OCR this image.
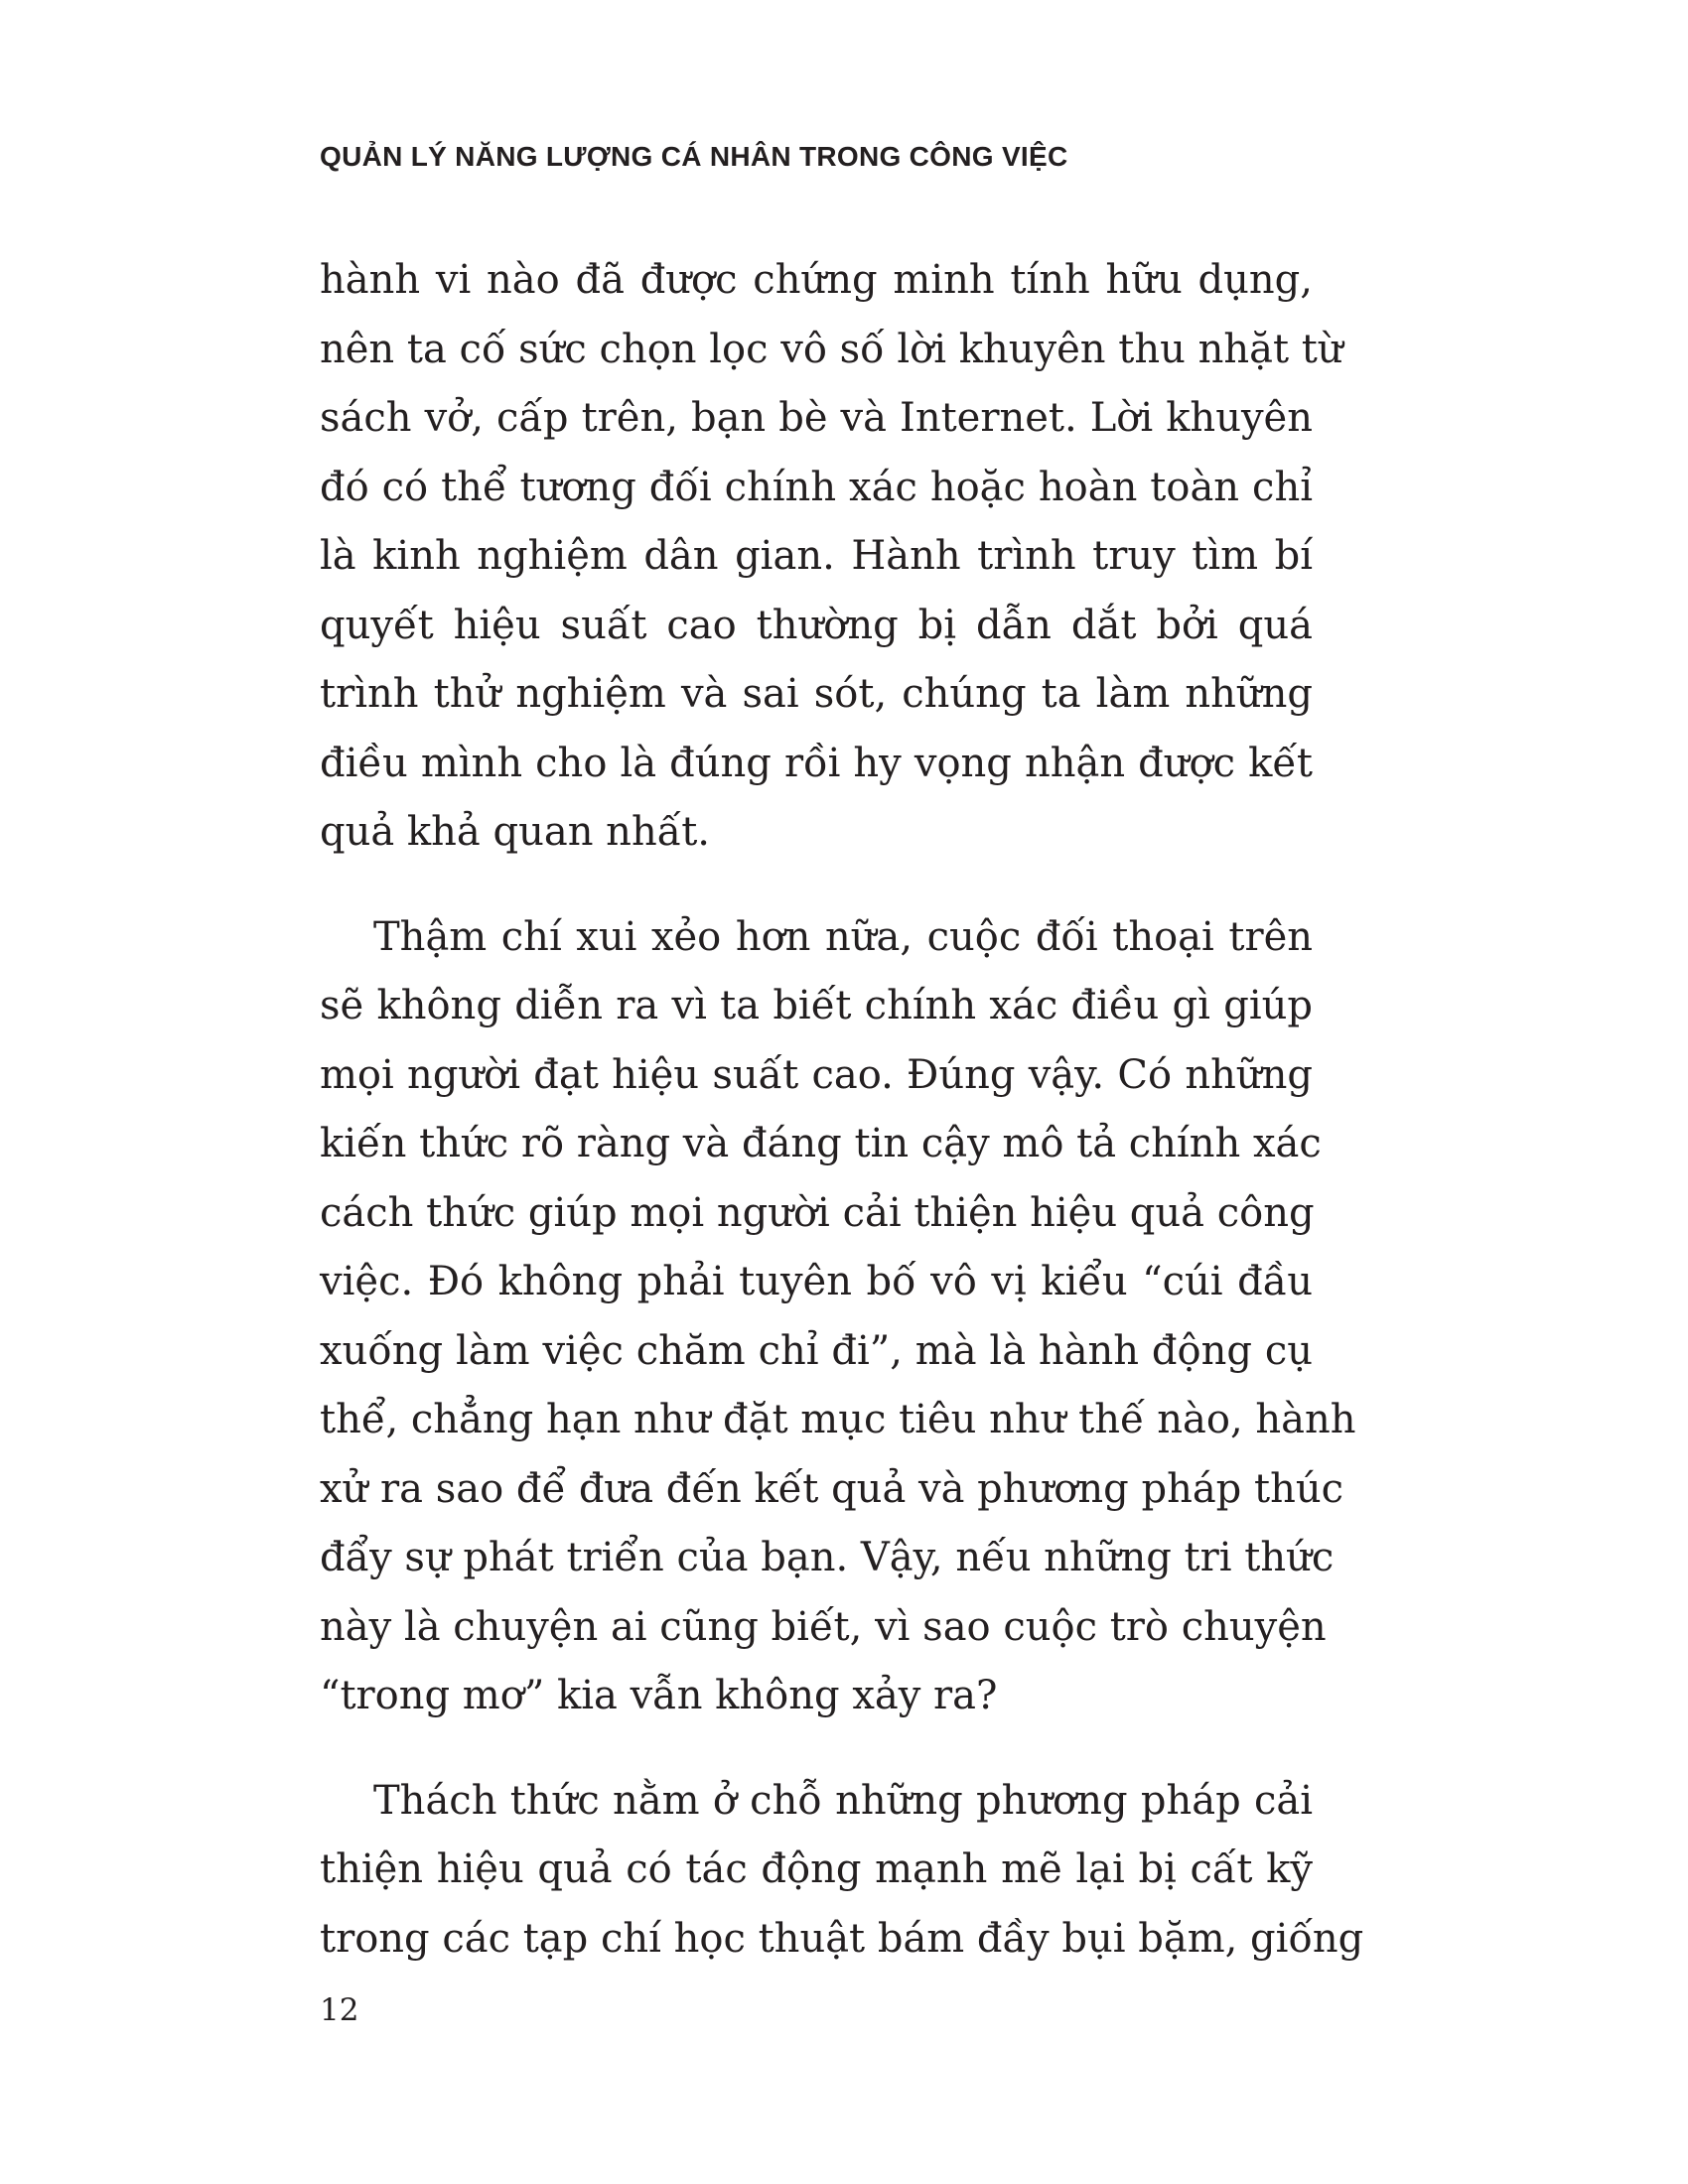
QUẢN LÝ NĂNG LƯỢNG CÁ NHÂN TRONG CÔNG VIỆC

hành vi nào đã được chứng minh tính hữu dụng,
nên ta cố sức chọn lọc vô số lời khuyên thu nhặt từ
sách vở, cấp trên, bạn bè và Internet. Lời khuyên
đó có thể tương đối chính xác hoặc hoàn toàn chỉ
là kinh nghiệm dân gian. Hành trình truy tìm bí
quyết hiệu suất cao thường bị dẫn dắt bởi quá
trình thử nghiệm và sai sót, chúng ta làm những
điều mình cho là đúng rồi hy vọng nhận được kết
quả khả quan nhất.

Thậm chí xui xẻo hơn nữa, cuộc đối thoại trên
sẽ không diễn ra vì ta biết chính xác điều gì giúp
mọi người đạt hiệu suất cao. Đúng vậy. Có những
kiến thức rõ ràng và đáng tin cậy mô tả chính xác
cách thức giúp mọi người cải thiện hiệu quả công
việc. Đó không phải tuyên bố vô vị kiểu “cúi đầu
xuống làm việc chăm chỉ đi”, mà là hành động cụ
thể, chẳng hạn như đặt mục tiêu như thế nào, hành
xử ra sao để đưa đến kết quả và phương pháp thúc
đẩy sự phát triển của bạn. Vậy, nếu những tri thức
này là chuyện ai cũng biết, vì sao cuộc trò chuyện
“trong mơ” kia vẫn không xảy ra?

Thách thức nằm ở chỗ những phương pháp cải
thiện hiệu quả có tác động mạnh mẽ lại bị cất kỹ
trong các tạp chí học thuật bám đầy bụi bặm, giống

12
